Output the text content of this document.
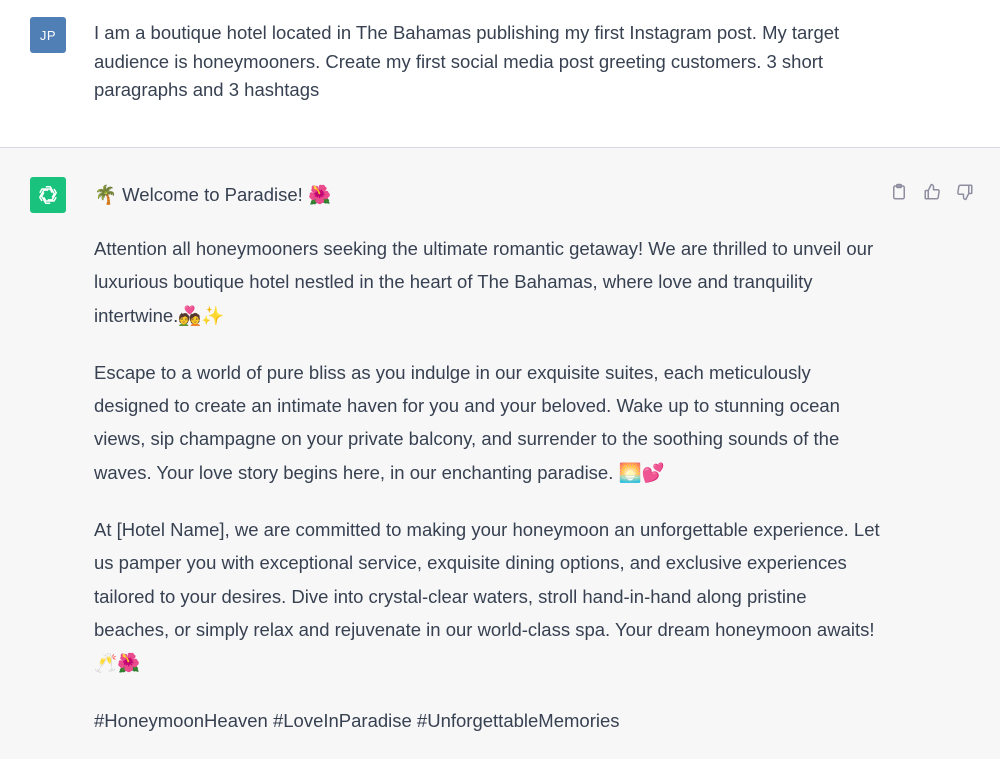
JP	I am a boutique hotel located in The Bahamas publishing my first Instagram post. My target audience is honeymooners. Create my first social media post greeting customers. 3 short paragraphs and 3 hashtags
🌴 Welcome to Paradise! 🌺
Attention all honeymooners seeking the ultimate romantic getaway! We are thrilled to unveil our luxurious boutique hotel nestled in the heart of The Bahamas, where love and tranquility intertwine.💑✨
Escape to a world of pure bliss as you indulge in our exquisite suites, each meticulously designed to create an intimate haven for you and your beloved. Wake up to stunning ocean views, sip champagne on your private balcony, and surrender to the soothing sounds of the waves. Your love story begins here, in our enchanting paradise. 🌅💕
At [Hotel Name], we are committed to making your honeymoon an unforgettable experience. Let us pamper you with exceptional service, exquisite dining options, and exclusive experiences tailored to your desires. Dive into crystal-clear waters, stroll hand-in-hand along pristine beaches, or simply relax and rejuvenate in our world-class spa. Your dream honeymoon awaits! 🥂🌺
#HoneymoonHeaven #LoveInParadise #UnforgettableMemories
